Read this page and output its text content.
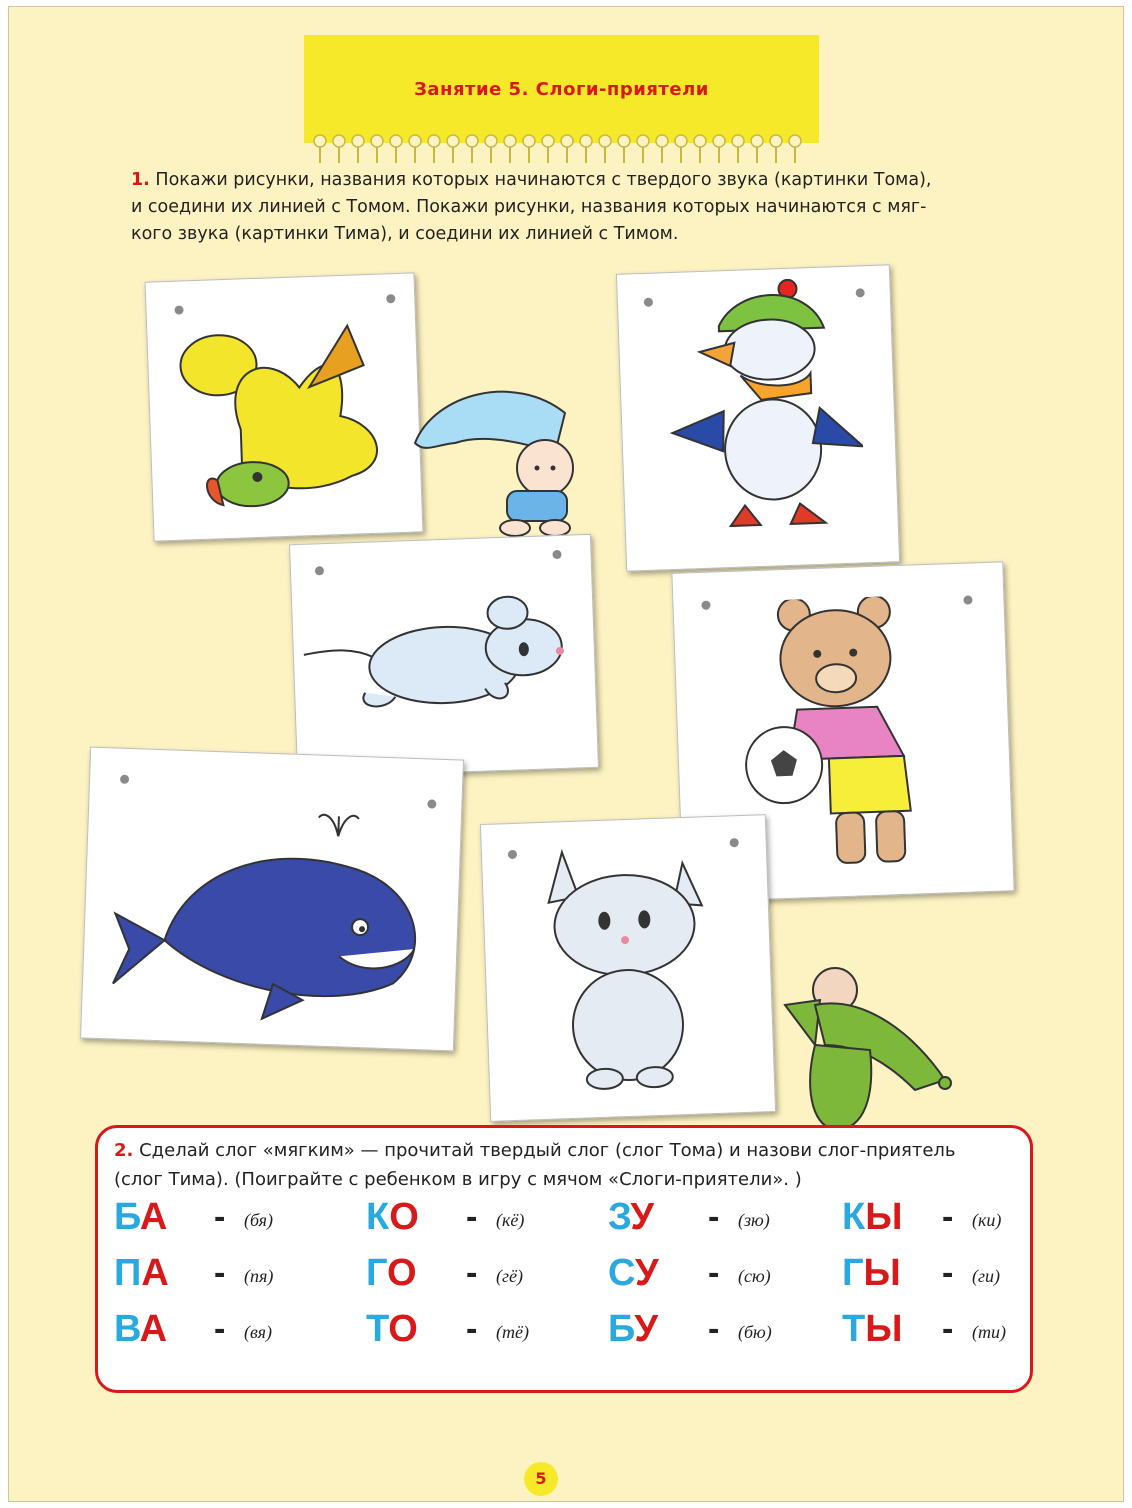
Занятие 5. Слоги-приятели
1. Покажи рисунки, названия которых начинаются с твердого звука (картинки Тома),
и соедини их линией с Томом. Покажи рисунки, названия которых начинаются с мяг-
кого звука (картинки Тима), и соедини их линией с Тимом.
2. Сделай слог «мягким» — прочитай твердый слог (слог Тома) и назови слог-приятель
(слог Тима). (Поиграйте с ребенком в игру с мячом «Слоги-приятели». )
БА - (бя) КО - (кё) ЗУ - (зю) КЫ - (ки)
ПА - (пя) ГО - (гё) СУ - (сю) ГЫ - (ги)
ВА - (вя) ТО - (тё) БУ - (бю) ТЫ - (ти)
5
